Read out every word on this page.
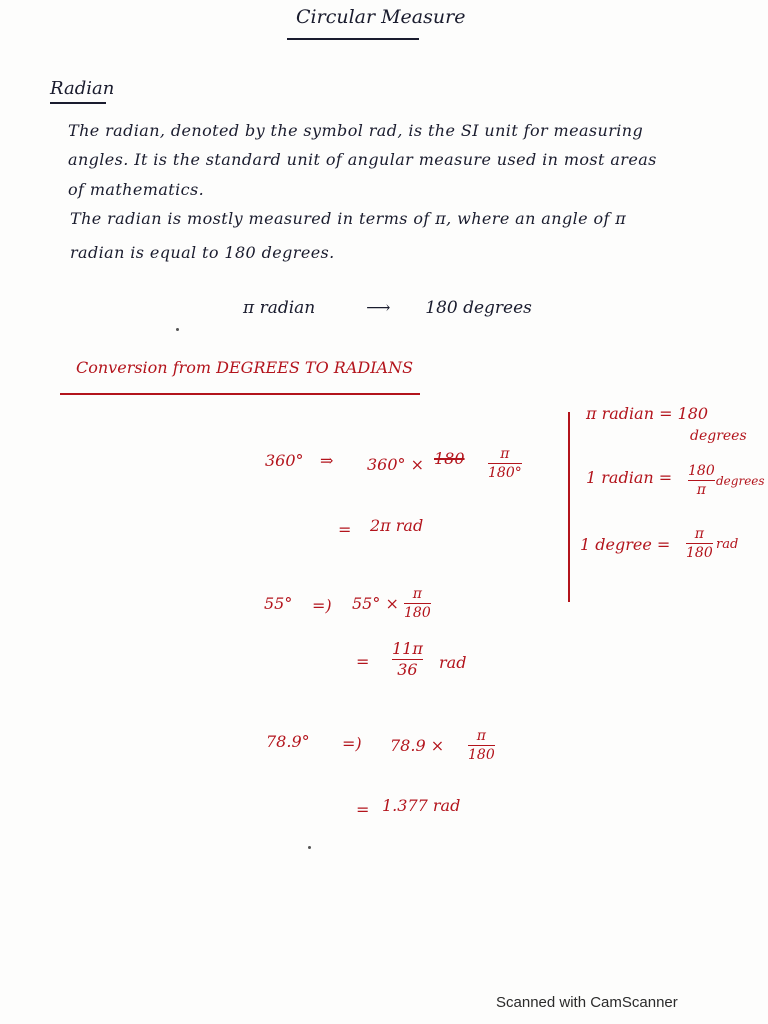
Circular Measure
Radian
The radian, denoted by the symbol rad, is the SI unit for measuring
angles. It is the standard unit of angular measure used in most areas
of mathematics.
The radian is mostly measured in terms of π, where an angle of π
radian is equal to 180 degrees.
π radian	⟶ 180 degrees
Conversion from DEGREES TO RADIANS
π radian = 180
degrees
1 radian = 180
π
degrees
1 degree =
π
180
rad
360° ⇒ 360° × 180	π
180°
= 2π rad
55° =) 55° × π
180
=
11π
36 rad
78.9° =) 78.9 × π
180
= 1.377 rad
Scanned with CamScanner
